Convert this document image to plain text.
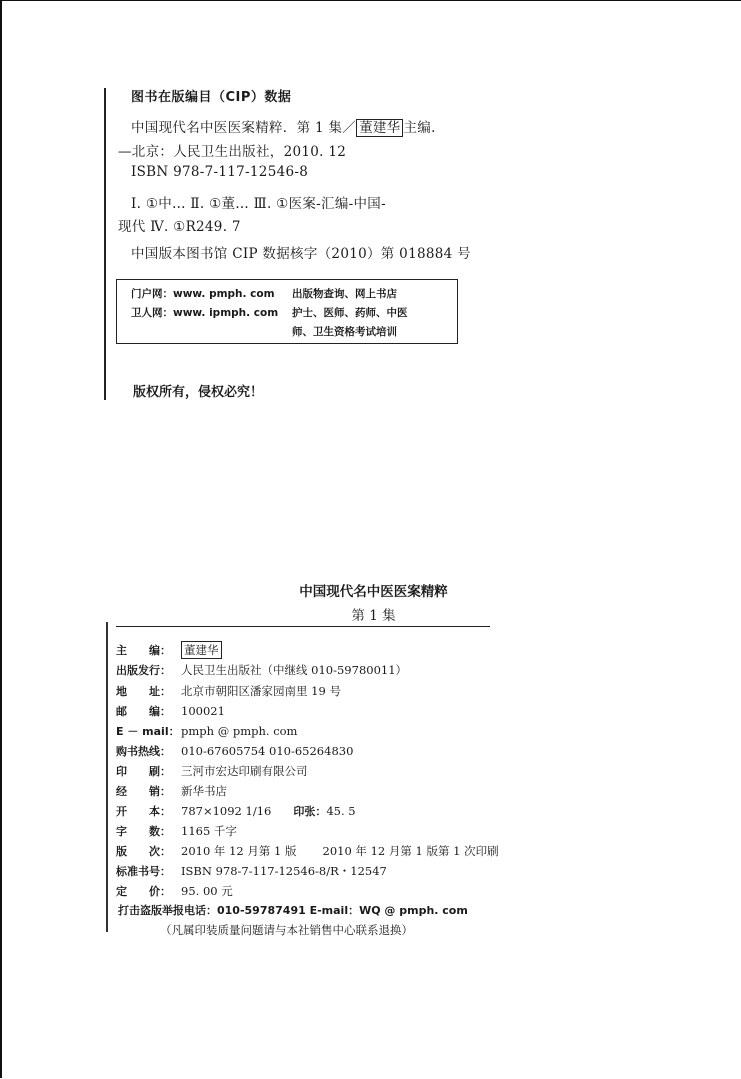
图书在版编目（CIP）数据
中国现代名中医医案精粹．第 1 集／ 董建华 主编.
—北京：人民卫生出版社，2010. 12
ISBN 978-7-117-12546-8
Ⅰ. ①中… Ⅱ. ①董… Ⅲ. ①医案-汇编-中国-
现代 Ⅳ. ①R249. 7
中国版本图书馆 CIP 数据核字（2010）第 018884 号
门户网：www. pmph. com 出版物查询、网上书店
卫人网：www. ipmph. com 护士、医师、药师、中医
师、卫生资格考试培训
版权所有，侵权必究！
中国现代名中医医案精粹
第 1 集
主　　编： 董建华
出版发行： 人民卫生出版社（中继线 010-59780011）
地　　址： 北京市朝阳区潘家园南里 19 号
邮　　编： 100021
E － mail：pmph @ pmph. com
购书热线： 010-67605754 010-65264830
印　　刷： 三河市宏达印刷有限公司
经　　销： 新华书店
开　　本： 787×1092 1/16 印张：45. 5
字　　数： 1165 千字
版　　次： 2010 年 12 月第 1 版 2010 年 12 月第 1 版第 1 次印刷
标准书号： ISBN 978-7-117-12546-8/R・12547
定　　价： 95. 00 元
打击盗版举报电话：010-59787491 E-mail：WQ @ pmph. com
（凡属印装质量问题请与本社销售中心联系退换）
